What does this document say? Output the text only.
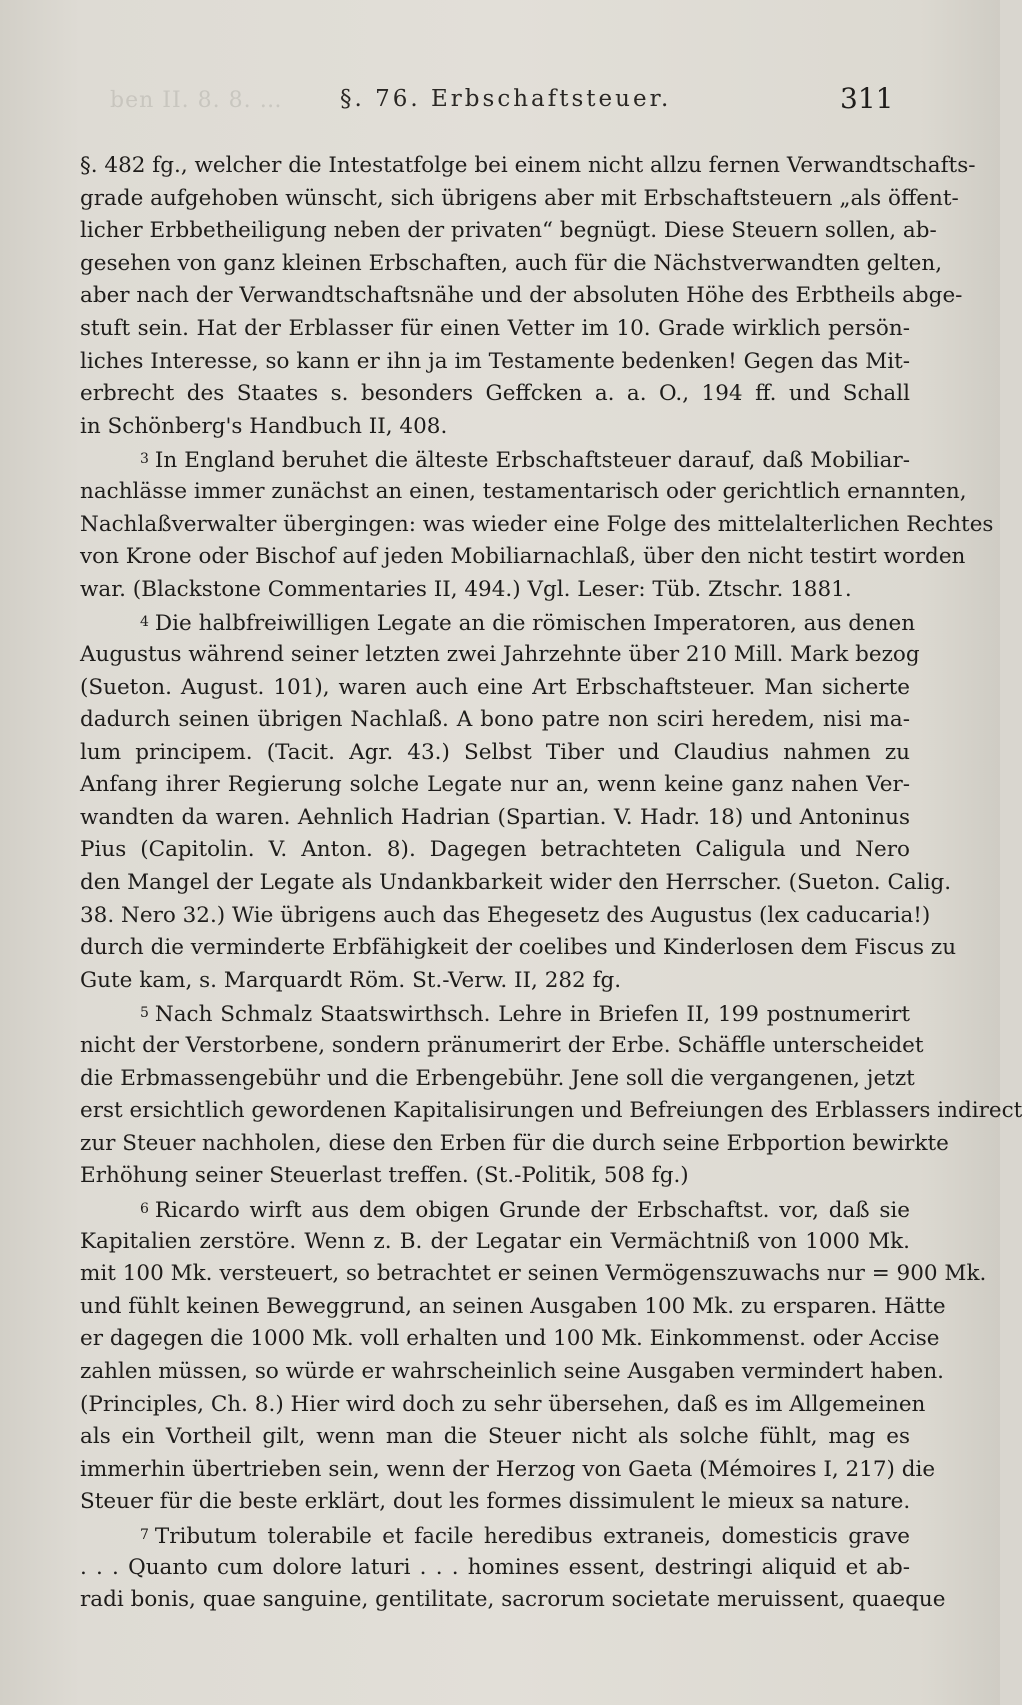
ben II. 8. 8. … §. 76. Erbschaftsteuer.	311
§. 482 fg., welcher die Intestatfolge bei einem nicht allzu fernen Verwandtschafts-
grade aufgehoben wünscht, sich übrigens aber mit Erbschaftsteuern „als öffent-
licher Erbbetheiligung neben der privaten“ begnügt. Diese Steuern sollen, ab-
gesehen von ganz kleinen Erbschaften, auch für die Nächstverwandten gelten,
aber nach der Verwandtschaftsnähe und der absoluten Höhe des Erbtheils abge-
stuft sein. Hat der Erblasser für einen Vetter im 10. Grade wirklich persön-
liches Interesse, so kann er ihn ja im Testamente bedenken! Gegen das Mit-
erbrecht des Staates s. besonders Geffcken a. a. O., 194 ff. und Schall
in Schönberg's Handbuch II, 408.
3 In England beruhet die älteste Erbschaftsteuer darauf, daß Mobiliar-
nachlässe immer zunächst an einen, testamentarisch oder gerichtlich ernannten,
Nachlaßverwalter übergingen: was wieder eine Folge des mittelalterlichen Rechtes
von Krone oder Bischof auf jeden Mobiliarnachlaß, über den nicht testirt worden
war. (Blackstone Commentaries II, 494.) Vgl. Leser: Tüb. Ztschr. 1881.
4 Die halbfreiwilligen Legate an die römischen Imperatoren, aus denen
Augustus während seiner letzten zwei Jahrzehnte über 210 Mill. Mark bezog
(Sueton. August. 101), waren auch eine Art Erbschaftsteuer. Man sicherte
dadurch seinen übrigen Nachlaß. A bono patre non sciri heredem, nisi ma-
lum principem. (Tacit. Agr. 43.) Selbst Tiber und Claudius nahmen zu
Anfang ihrer Regierung solche Legate nur an, wenn keine ganz nahen Ver-
wandten da waren. Aehnlich Hadrian (Spartian. V. Hadr. 18) und Antoninus
Pius (Capitolin. V. Anton. 8). Dagegen betrachteten Caligula und Nero
den Mangel der Legate als Undankbarkeit wider den Herrscher. (Sueton. Calig.
38. Nero 32.) Wie übrigens auch das Ehegesetz des Augustus (lex caducaria!)
durch die verminderte Erbfähigkeit der coelibes und Kinderlosen dem Fiscus zu
Gute kam, s. Marquardt Röm. St.-Verw. II, 282 fg.
5 Nach Schmalz Staatswirthsch. Lehre in Briefen II, 199 postnumerirt
nicht der Verstorbene, sondern pränumerirt der Erbe. Schäffle unterscheidet
die Erbmassengebühr und die Erbengebühr. Jene soll die vergangenen, jetzt
erst ersichtlich gewordenen Kapitalisirungen und Befreiungen des Erblassers indirect
zur Steuer nachholen, diese den Erben für die durch seine Erbportion bewirkte
Erhöhung seiner Steuerlast treffen. (St.-Politik, 508 fg.)
6 Ricardo wirft aus dem obigen Grunde der Erbschaftst. vor, daß sie
Kapitalien zerstöre. Wenn z. B. der Legatar ein Vermächtniß von 1000 Mk.
mit 100 Mk. versteuert, so betrachtet er seinen Vermögenszuwachs nur = 900 Mk.
und fühlt keinen Beweggrund, an seinen Ausgaben 100 Mk. zu ersparen. Hätte
er dagegen die 1000 Mk. voll erhalten und 100 Mk. Einkommenst. oder Accise
zahlen müssen, so würde er wahrscheinlich seine Ausgaben vermindert haben.
(Principles, Ch. 8.) Hier wird doch zu sehr übersehen, daß es im Allgemeinen
als ein Vortheil gilt, wenn man die Steuer nicht als solche fühlt, mag es
immerhin übertrieben sein, wenn der Herzog von Gaeta (Mémoires I, 217) die
Steuer für die beste erklärt, dout les formes dissimulent le mieux sa nature.
7 Tributum tolerabile et facile heredibus extraneis, domesticis grave
. . . Quanto cum dolore laturi . . . homines essent, destringi aliquid et ab-
radi bonis, quae sanguine, gentilitate, sacrorum societate meruissent, quaeque
